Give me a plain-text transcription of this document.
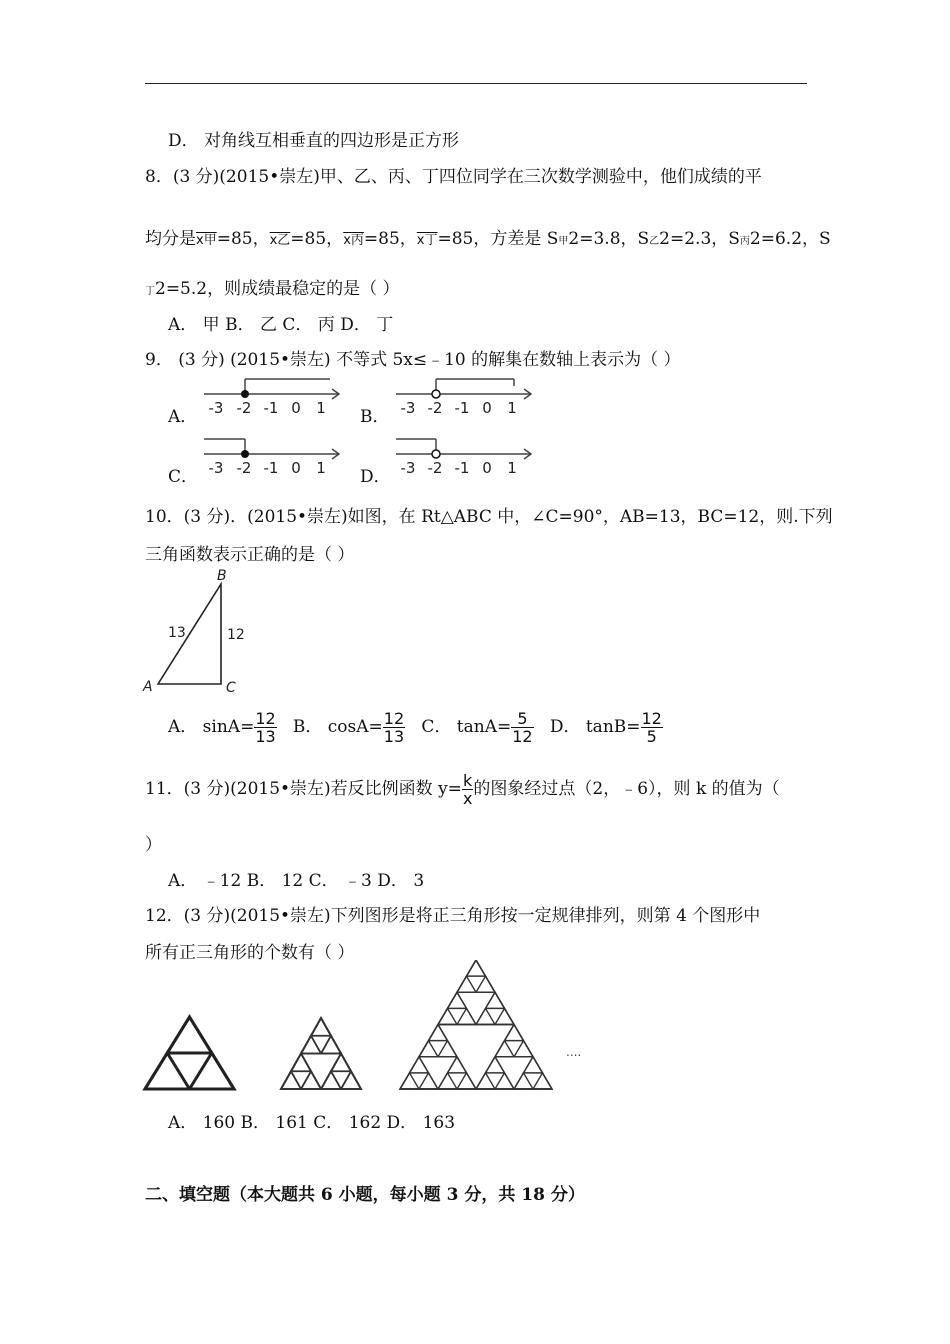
D． 对角线互相垂直的四边形是正方形
8．(3 分)(2015•崇左)甲、乙、丙、丁四位同学在三次数学测验中，他们成绩的平
均分是x甲=85，x乙=85，x丙=85，x丁=85，方差是 S甲2=3.8，S乙2=2.3，S丙2=6.2，S
丁2=5.2，则成绩最稳定的是（ ）
A． 甲 B． 乙 C． 丙 D． 丁
9． (3 分) (2015•崇左) 不等式 5x≤﹣10 的解集在数轴上表示为（ ）
A． -3 -2 -1 0 1 B． -3 -2 -1 0 1
C． -3 -2 -1 0 1 D． -3 -2 -1 0 1
10．(3 分)．(2015•崇左)如图，在 Rt△ABC 中，∠C=90°，AB=13，BC=12，则.下列
三角函数表示正确的是（ ）
B
A	C
13	12
A． $\sin A= \frac{12}{13}$ B． $\cos A= \frac{12}{13}$ C． $\tan A= \frac{5}{12}$ D． $\tan B= \frac{12}{5}$
11．(3 分)(2015•崇左)若反比例函数 $y= \frac{k}{x}$ 的图象经过点（2，﹣6），则 k 的值为（
）
A． ﹣12 B． 12 C． ﹣3 D． 3
12．(3 分)(2015•崇左)下列图形是将正三角形按一定规律排列，则第 4 个图形中
所有正三角形的个数有（ ）
....
A． 160 B． 161 C． 162 D． 163
二、填空题（本大题共 6 小题，每小题 3 分，共 18 分）
